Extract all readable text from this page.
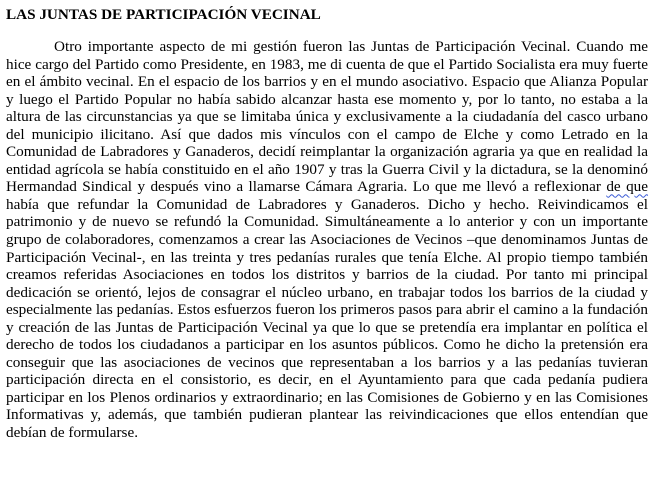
LAS JUNTAS DE PARTICIPACIÓN VECINAL

Otro importante aspecto de mi gestión fueron las Juntas de Participación Vecinal. Cuando me hice cargo del Partido como Presidente, en 1983, me di cuenta de que el Partido Socialista era muy fuerte en el ámbito vecinal. En el espacio de los barrios y en el mundo asociativo. Espacio que Alianza Popular y luego el Partido Popular no había sabido alcanzar hasta ese momento y, por lo tanto, no estaba a la altura de las circunstancias ya que se limitaba única y exclusivamente a la ciudadanía del casco urbano del municipio ilicitano. Así que dados mis vínculos con el campo de Elche y como Letrado en la Comunidad de Labradores y Ganaderos, decidí reimplantar la organización agraria ya que en realidad la entidad agrícola se había constituido en el año 1907 y tras la Guerra Civil y la dictadura, se la denominó Hermandad Sindical y después vino a llamarse Cámara Agraria. Lo que me llevó a reflexionar de que había que refundar la Comunidad de Labradores y Ganaderos. Dicho y hecho. Reivindicamos el patrimonio y de nuevo se refundó la Comunidad. Simultáneamente a lo anterior y con un importante grupo de colaboradores, comenzamos a crear las Asociaciones de Vecinos –que denominamos Juntas de Participación Vecinal-, en las treinta y tres pedanías rurales que tenía Elche. Al propio tiempo también creamos referidas Asociaciones en todos los distritos y barrios de la ciudad. Por tanto mi principal dedicación se orientó, lejos de consagrar el núcleo urbano, en trabajar todos los barrios de la ciudad y especialmente las pedanías. Estos esfuerzos fueron los primeros pasos para abrir el camino a la fundación y creación de las Juntas de Participación Vecinal ya que lo que se pretendía era implantar en política el derecho de todos los ciudadanos a participar en los asuntos públicos. Como he dicho la pretensión era conseguir que las asociaciones de vecinos que representaban a los barrios y a las pedanías tuvieran participación directa en el consistorio, es decir, en el Ayuntamiento para que cada pedanía pudiera participar en los Plenos ordinarios y extraordinario; en las Comisiones de Gobierno y en las Comisiones Informativas y, además, que también pudieran plantear las reivindicaciones que ellos entendían que debían de formularse.
